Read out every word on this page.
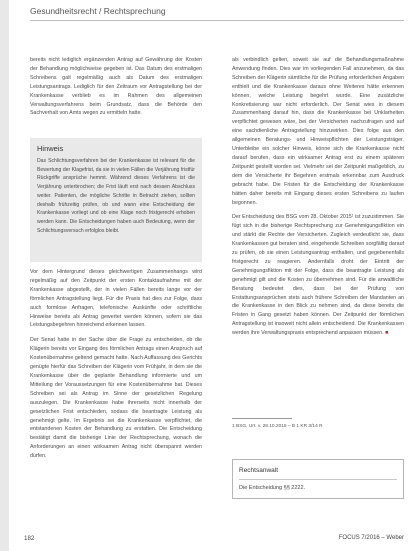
Gesundheitsrecht / Rechtsprechung

bereits nicht lediglich ergänzenden Antrag auf Gewährung der Kosten der Behandlung möglichweise gegeben ist. Das Datum des erstmaligen Schreibens galt regelmäßig auch als Datum des erstmaligen Leistungsantrags. Lediglich für den Zeitraum vor Antragstellung bei der Krankenkasse verblieb es im Rahmen des allgemeinen Verwaltungsverfahrens beim Grundsatz, dass die Behörde den Sachverhalt von Amts wegen zu ermitteln hatte.

Hinweis
Das Schlichtungsverfahren bei der Krankenkasse ist relevant für die Bewertung der Klagefrist, da sie in vielen Fällen die Verjährung fristfür Rückgriffe ansprüche hemmt. Während dieses Verfahrens ist die Verjährung unterbrochen; die Frist läuft erst nach dessen Abschluss weiter. Patienten, die mögliche Schritte in Betracht ziehen, sollten deshalb frühzeitig prüfen, ob und wann eine Entscheidung der Krankenkasse vorliegt und ob eine Klage noch fristgerecht erhoben werden kann. Die Entscheidungen haben auch Bedeutung, wenn der Schlichtungsversuch erfolglos bleibt.

Vor dem Hintergrund dieses gleichwertigen Zusammenhangs wird regelmäßig auf den Zeitpunkt der ersten Kontaktaufnahme mit der Krankenkasse abgestellt, der in vielen Fällen bereits lange vor der förmlichen Antragstellung liegt. Für die Praxis hat dies zur Folge, dass auch formlose Anfragen, telefonische Auskünfte oder schriftliche Hinweise bereits als Antrag gewertet werden können, sofern sie das Leistungsbegehren hinreichend erkennen lassen.

Der Senat hatte in der Sache über die Frage zu entscheiden, ob die Klägerin bereits vor Eingang des förmlichen Antrags einen Anspruch auf Kostenübernahme geltend gemacht hatte. Nach Auffassung des Gerichts genügte hierfür das Schreiben der Klägerin vom Frühjahr, in dem sie die Krankenkasse über die geplante Behandlung informierte und um Mitteilung der Voraussetzungen für eine Kostenübernahme bat. Dieses Schreiben sei als Antrag im Sinne der gesetzlichen Regelung auszulegen. Die Krankenkasse habe ihrerseits nicht innerhalb der gesetzlichen Frist entschieden, sodass die beantragte Leistung als genehmigt gelte. Im Ergebnis sei die Krankenkasse verpflichtet, die entstandenen Kosten der Behandlung zu erstatten. Die Entscheidung bestätigt damit die bisherige Linie der Rechtsprechung, wonach die Anforderungen an einen wirksamen Antrag nicht überspannt werden dürfen.

als verbindlich gelten, soweit sie auf die Behandlungsmaßnahme Anwendung finden. Dies war im vorliegenden Fall anzunehmen, da das Schreiben der Klägerin sämtliche für die Prüfung erforderlichen Angaben enthielt und die Krankenkasse daraus ohne Weiteres hätte erkennen können, welche Leistung begehrt wurde. Eine zusätzliche Konkretisierung war nicht erforderlich. Der Senat wies in diesem Zusammenhang darauf hin, dass die Krankenkasse bei Unklarheiten verpflichtet gewesen wäre, bei der Versicherten nachzufragen und auf eine sachdienliche Antragstellung hinzuwirken. Dies folge aus den allgemeinen Beratungs- und Hinweispflichten der Leistungsträger. Unterbleibe ein solcher Hinweis, könne sich die Krankenkasse nicht darauf berufen, dass ein wirksamer Antrag erst zu einem späteren Zeitpunkt gestellt worden sei. Vielmehr sei der Zeitpunkt maßgeblich, zu dem die Versicherte ihr Begehren erstmals erkennbar zum Ausdruck gebracht habe. Die Fristen für die Entscheidung der Krankenkasse hätten daher bereits mit Eingang dieses ersten Schreibens zu laufen begonnen.

Der Entscheidung des BSG vom 28. Oktober 2015¹ ist zuzustimmen. Sie fügt sich in die bisherige Rechtsprechung zur Genehmigungsfiktion ein und stärkt die Rechte der Versicherten. Zugleich verdeutlicht sie, dass Krankenkassen gut beraten sind, eingehende Schreiben sorgfältig darauf zu prüfen, ob sie einen Leistungsantrag enthalten, und gegebenenfalls fristgerecht zu reagieren. Andernfalls droht der Eintritt der Genehmigungsfiktion mit der Folge, dass die beantragte Leistung als genehmigt gilt und die Kosten zu übernehmen sind. Für die anwaltliche Beratung bedeutet dies, dass bei der Prüfung von Erstattungsansprüchen stets auch frühere Schreiben der Mandanten an die Krankenkasse in den Blick zu nehmen sind, da diese bereits die Fristen in Gang gesetzt haben können. Der Zeitpunkt der förmlichen Antragstellung ist insoweit nicht allein entscheidend. Die Krankenkassen werden ihre Verwaltungspraxis entsprechend anpassen müssen. ■

1 BSG, Urt. v. 28.10.2015 – B 1 KR 3/14 R
Rechtsanwalt
Die Entscheidung §§ 2222.
182	FOCUS 7/2016 – Weber
